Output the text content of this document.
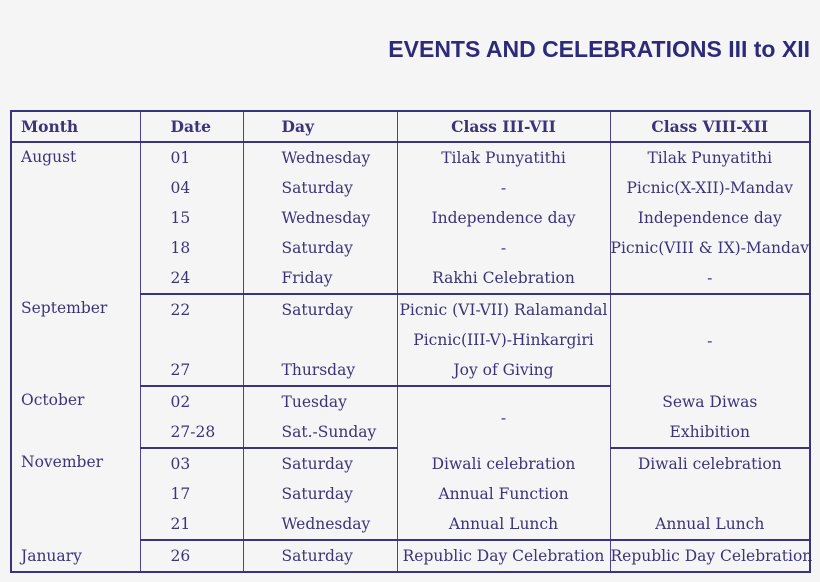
EVENTS AND CELEBRATIONS III to XII
Month	Date	Day	Class III-VII	Class VIII-XII
August	01	Wednesday	Tilak Punyatithi	Tilak Punyatithi
	04	Saturday	-	Picnic(X-XII)-Mandav
	15	Wednesday	Independence day	Independence day
	18	Saturday	-	Picnic(VIII & IX)-Mandav
	24	Friday	Rakhi Celebration	-
September	22	Saturday	Picnic (VI-VII) Ralamandal	-
			Picnic(III-V)-Hinkargiri	
	27	Thursday	Joy of Giving	
October	02	Tuesday	-	Sewa Diwas
	27-28	Sat.-Sunday		Exhibition
November	03	Saturday	Diwali celebration	Diwali celebration
	17	Saturday	Annual Function	
	21	Wednesday	Annual Lunch	Annual Lunch
January	26	Saturday	Republic Day Celebration	Republic Day Celebration
